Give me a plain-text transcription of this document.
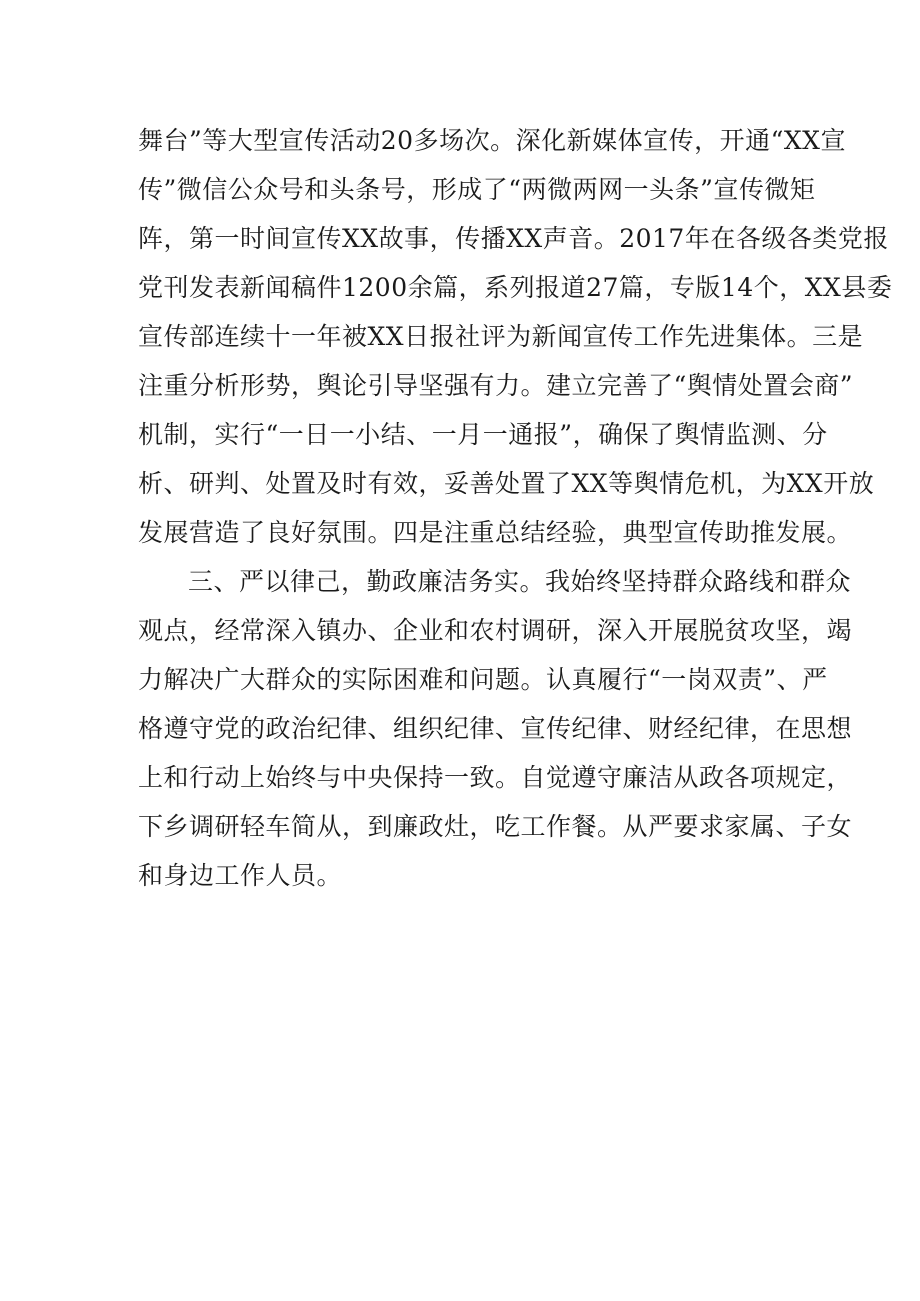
舞台”等大型宣传活动20多场次。深化新媒体宣传，开通“XX宣
传”微信公众号和头条号，形成了“两微两网一头条”宣传微矩
阵，第一时间宣传XX故事，传播XX声音。2017年在各级各类党报
党刊发表新闻稿件1200余篇，系列报道27篇，专版14个，XX县委
宣传部连续十一年被XX日报社评为新闻宣传工作先进集体。三是
注重分析形势，舆论引导坚强有力。建立完善了“舆情处置会商”
机制，实行“一日一小结、一月一通报”，确保了舆情监测、分
析、研判、处置及时有效，妥善处置了XX等舆情危机，为XX开放
发展营造了良好氛围。四是注重总结经验，典型宣传助推发展。
三、严以律己，勤政廉洁务实。我始终坚持群众路线和群众
观点，经常深入镇办、企业和农村调研，深入开展脱贫攻坚，竭
力解决广大群众的实际困难和问题。认真履行“一岗双责”、严
格遵守党的政治纪律、组织纪律、宣传纪律、财经纪律，在思想
上和行动上始终与中央保持一致。自觉遵守廉洁从政各项规定，
下乡调研轻车简从，到廉政灶，吃工作餐。从严要求家属、子女
和身边工作人员。
